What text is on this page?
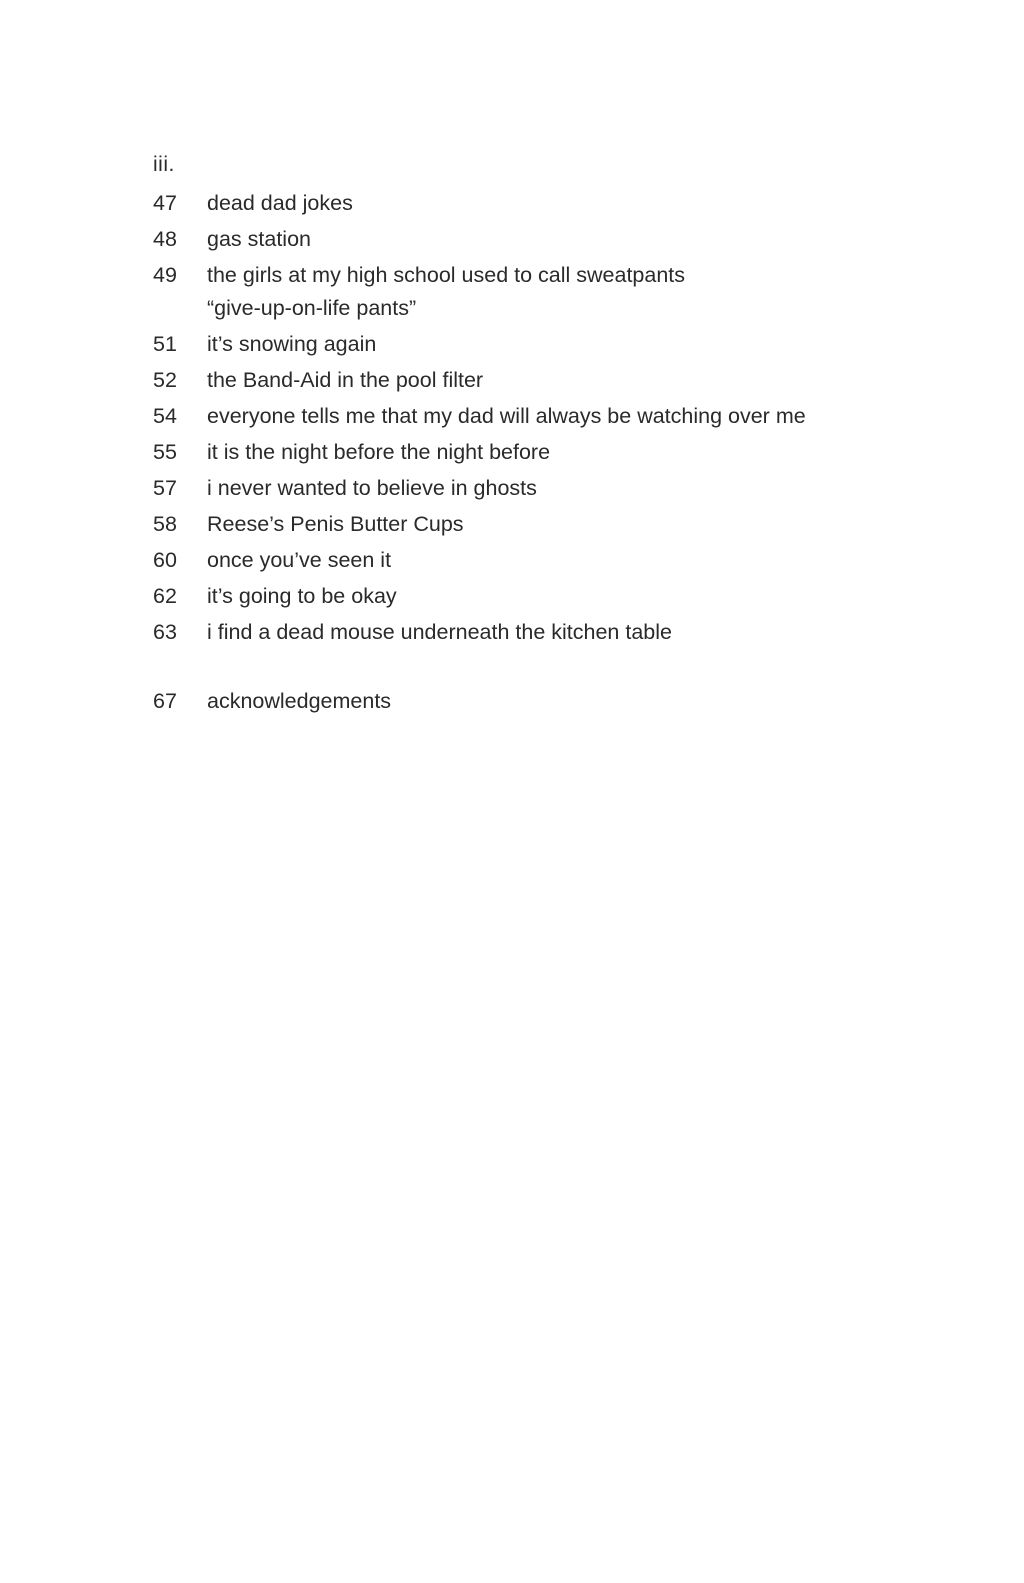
iii.
47	dead dad jokes
48	gas station
49	the girls at my high school used to call sweatpants
“give-up-on-life pants”
51	it’s snowing again
52	the Band-Aid in the pool filter
54	everyone tells me that my dad will always be watching over me
55	it is the night before the night before
57	i never wanted to believe in ghosts
58	Reese’s Penis Butter Cups
60	once you’ve seen it
62	it’s going to be okay
63	i find a dead mouse underneath the kitchen table
67	acknowledgements
